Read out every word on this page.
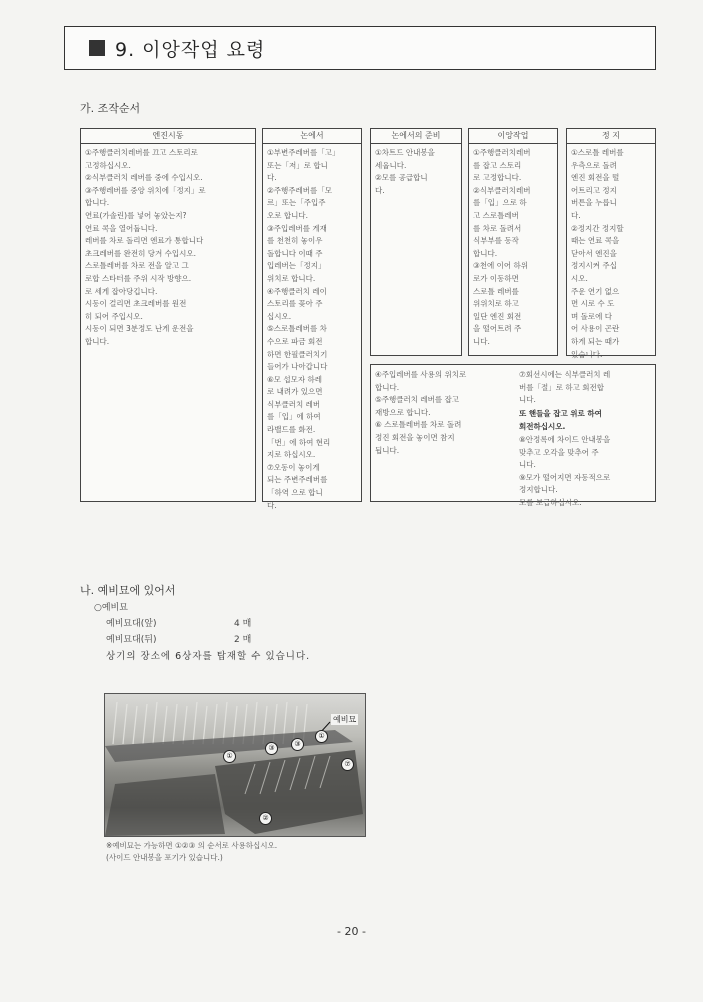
9. 이앙작업 요령
가. 조작순서
엔진시동
①주행클러치레버를 끄고 스토리로
고정하십시오.
②식부클러치 레버를 중에 수입시오.
③주행레버를 중앙 위치에「정지」로
합니다.
연료(가솔린)를 넣어 놓았는지?
연료 콕을 열어둡니다.
레버를 차로 돌리면 엔료가 통합니다
초크레버를 완전히 당겨 수입시오.
스로틀레버를 차로 전을 알고 그
로합 스타터를 주위 시작 방향으.
로 세게 잡아당깁니다.
시동이 걸리면 초크레버를 원전
히 되어 주입시오.
시동이 되면 3분정도 난게 운전을
합니다.
논에서
①부변주레버를「고」
또는「저」로 합니
다.
②주행주레버를「모
르」또는「주입주
오로 합니다.
③주입레버를 게재
를 천천히 놓이우
돌합니다 이때 주
입레버는「정지」
위치로 합니다.
④주행클러치 레이
스토리를 꽂아 주
십시오.
⑤스로틀레버를 차
수으로 파금 회전
하면 한필클러치기
들어가 나아갑니다
⑥모 섭모자 하레
로 내려가 있으면
식부클러치 레버
를「입」에 하여
라밸드를 화전.
「번」에 하여 현리
지로 하십시오.
⑦오동이 놓이게
되는 주변주레버를
「하역 으로 합니
다.
논에서의 준비
①차트드 안내봉을
세웁니다.
②모를 공급합니
다.
이앙작업
①주행클러치레버
를 잡고 스토리
로 고정합니다.
②식부클러치레버
를「입」으로 하
고 스로틀레버
를 차로 돌려서
식부부를 동작
합니다.
③천에 이어 하위
로가 이동하면
스로틀 레버를
위위치로 하고
일단 엔진 회전
을 떨어트려 주
니다.
정 지
①스로틀 레버를
우측으로 돌려
엔진 회전을 떨
어트리고 정지
버튼을 누릅니
다.
②정지간 정지할
때는 연료 콕을
닫아서 엔진을
정지시켜 주십
시오.
주운 연기 없으
면 시로 수 도
며 돌로에 다
어 사용이 곤란
하게 되는 때가
있습니다.
④주입레버를 사용의 위치로
합니다.
⑤주행클러치 레버를 잡고
재방으로 합니다.
⑥ 스로틀레버를 차로 돌려
정진 회전을 놓이면 참지
됩니다.
⑦회선시에는 식부클러치 레
버를「절」로 하고 회전합
니다.
또 핸들을 잡고 위로 하여
회전하십시오.
⑧안정록에 차이드 안내봉을
맞추고 오각을 맞추어 주
니다.
⑨모가 떨어지면 자동적으로
정지합니다.
모를 보급하십시오.
나. 예비묘에 있어서
○예비묘
예비묘대(앞)	4 매
예비묘대(뒤)	2 매
상기의 장소에 6상자를 탑재할 수 있습니다.
예비묘
①
②
③	③
①
⑦
※예비묘는 가능하면 ①②③ 의 순서로 사용하십시오.
(사이드 안내봉을 포기가 있습니다.)
- 20 -
